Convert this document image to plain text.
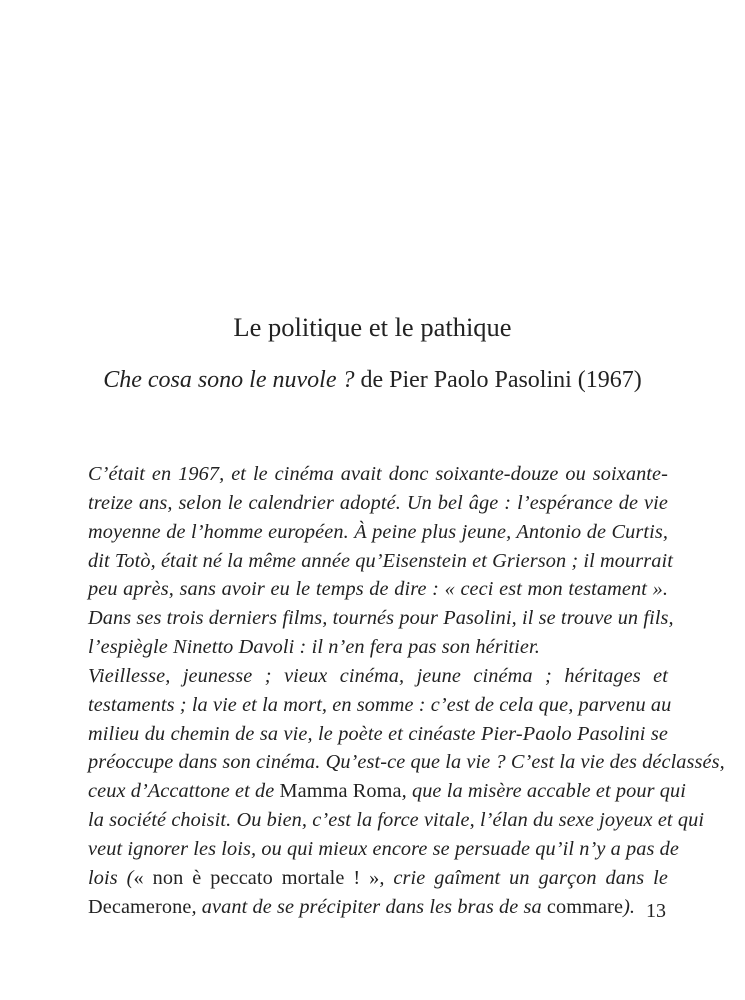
Le politique et le pathique

Che cosa sono le nuvole ? de Pier Paolo Pasolini (1967)

C’était en 1967, et le cinéma avait donc soixante-douze ou soixante-
treize ans, selon le calendrier adopté. Un bel âge : l’espérance de vie
moyenne de l’homme européen. À peine plus jeune, Antonio de Curtis,
dit Totò, était né la même année qu’Eisenstein et Grierson ; il mourrait
peu après, sans avoir eu le temps de dire : « ceci est mon testament ».
Dans ses trois derniers films, tournés pour Pasolini, il se trouve un fils,
l’espiègle Ninetto Davoli : il n’en fera pas son héritier.
Vieillesse, jeunesse ; vieux cinéma, jeune cinéma ; héritages et
testaments ; la vie et la mort, en somme : c’est de cela que, parvenu au
milieu du chemin de sa vie, le poète et cinéaste Pier-Paolo Pasolini se
préoccupe dans son cinéma. Qu’est-ce que la vie ? C’est la vie des déclassés,
ceux d’Accattone et de Mamma Roma, que la misère accable et pour qui
la société choisit. Ou bien, c’est la force vitale, l’élan du sexe joyeux et qui
veut ignorer les lois, ou qui mieux encore se persuade qu’il n’y a pas de
lois (« non è peccato mortale ! », crie gaîment un garçon dans le
Decamerone, avant de se précipiter dans les bras de sa commare). 13
